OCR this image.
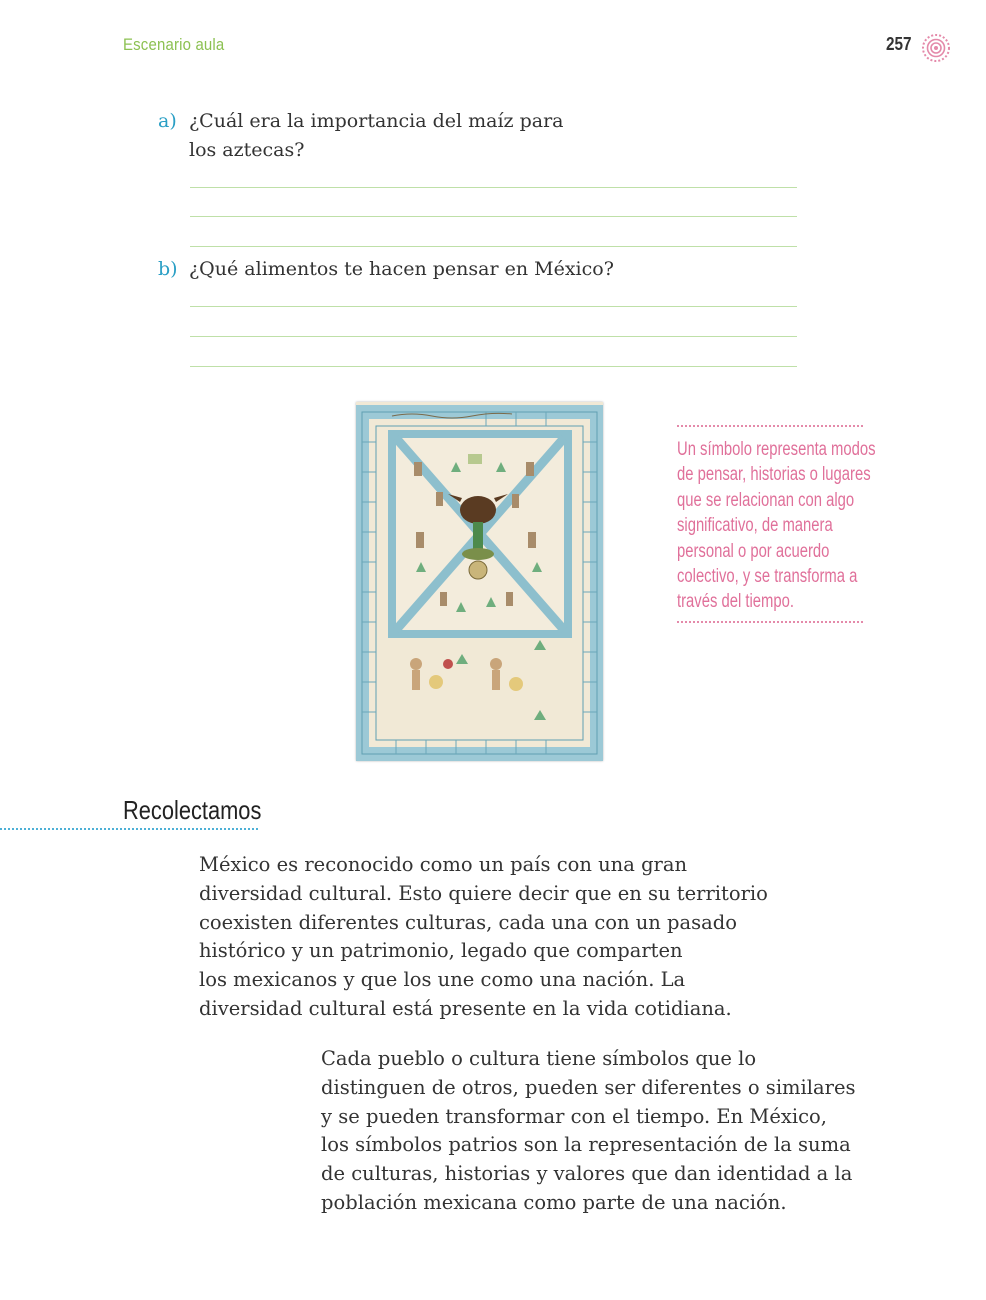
Escenario aula	257
a) ¿Cuál era la importancia del maíz para
los aztecas?
b) ¿Qué alimentos te hacen pensar en México?

Un símbolo representa modos
de pensar, historias o lugares
que se relacionan con algo
significativo, de manera
personal o por acuerdo
colectivo, y se transforma a
través del tiempo.

Recolectamos

México es reconocido como un país con una gran
diversidad cultural. Esto quiere decir que en su territorio
coexisten diferentes culturas, cada una con un pasado
histórico y un patrimonio, legado que comparten
los mexicanos y que los une como una nación. La
diversidad cultural está presente en la vida cotidiana.

Cada pueblo o cultura tiene símbolos que lo
distinguen de otros, pueden ser diferentes o similares
y se pueden transformar con el tiempo. En México,
los símbolos patrios son la representación de la suma
de culturas, historias y valores que dan identidad a la
población mexicana como parte de una nación.
